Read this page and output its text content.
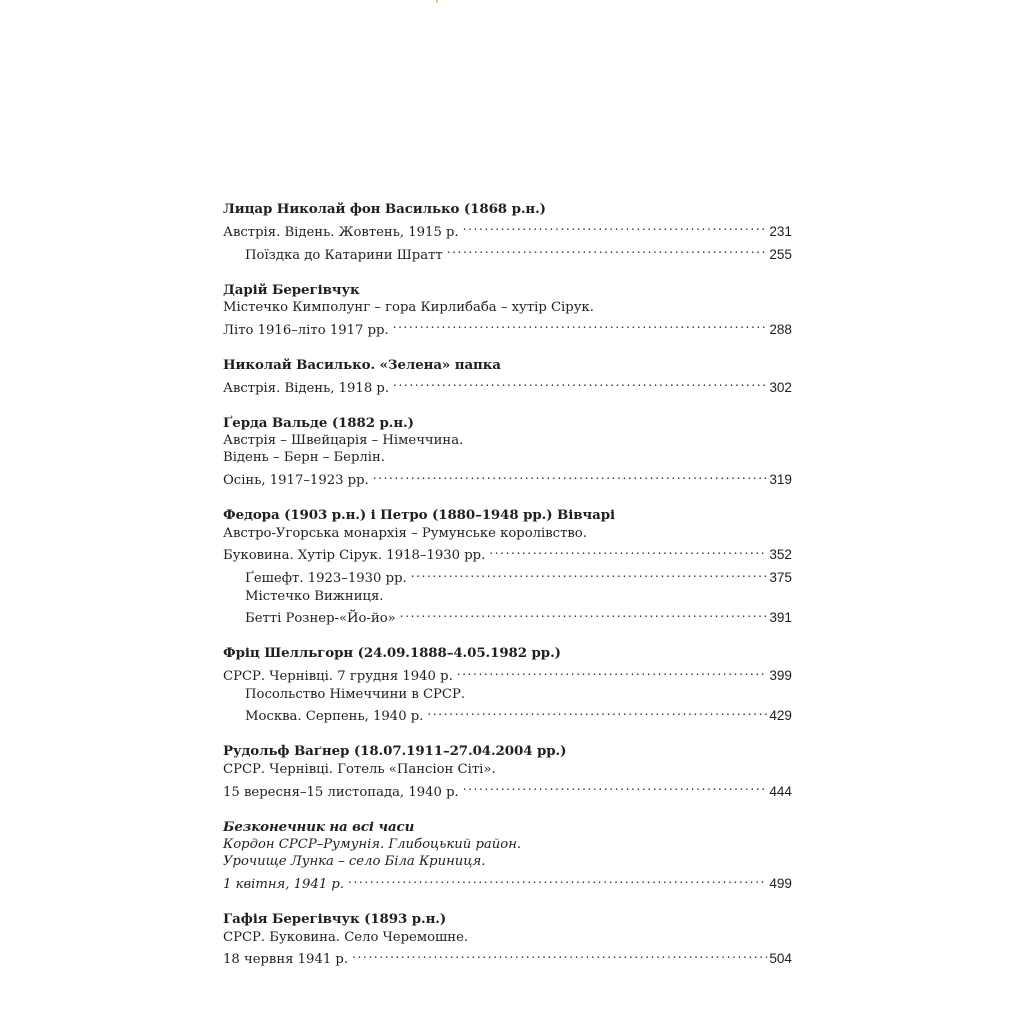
Лицар Николай фон Василько (1868 р.н.)
Австрія. Відень. Жовтень, 1915 р. . . .	231
Поїздка до Катарини Шратт . . .	255
Дарій Берегівчук
Містечко Кимполунг – гора Кирлибаба – хутір Сірук.
Літо 1916–літо 1917 рр. . . .	288
Николай Василько. «Зелена» папка
Австрія. Відень, 1918 р. . . .	302
Ґерда Вальде (1882 р.н.)
Австрія – Швейцарія – Німеччина.
Відень – Берн – Берлін.
Осінь, 1917–1923 рр. . . .	319
Федора (1903 р.н.) і Петро (1880–1948 рр.) Вівчарі
Австро-Угорська монархія – Румунське королівство.
Буковина. Хутір Сірук. 1918–1930 рр. . . .	352
Ґешефт. 1923–1930 рр. . . .	375
Містечко Вижниця.
Бетті Рознер-«Йо-йо» . . .	391
Фріц Шелльгорн (24.09.1888–4.05.1982 рр.)
СРСР. Чернівці. 7 грудня 1940 р. . . .	399
Посольство Німеччини в СРСР.
Москва. Серпень, 1940 р. . . .	429
Рудольф Ваґнер (18.07.1911–27.04.2004 рр.)
СРСР. Чернівці. Готель «Пансіон Сіті».
15 вересня–15 листопада, 1940 р. . . .	444
Безконечник на всі часи
Кордон СРСР–Румунія. Глибоцький район.
Урочище Лунка – село Біла Криниця.
1 квітня, 1941 р. . . .	499
Гафія Берегівчук (1893 р.н.)
СРСР. Буковина. Село Черемошне.
18 червня 1941 р. . . .	504
